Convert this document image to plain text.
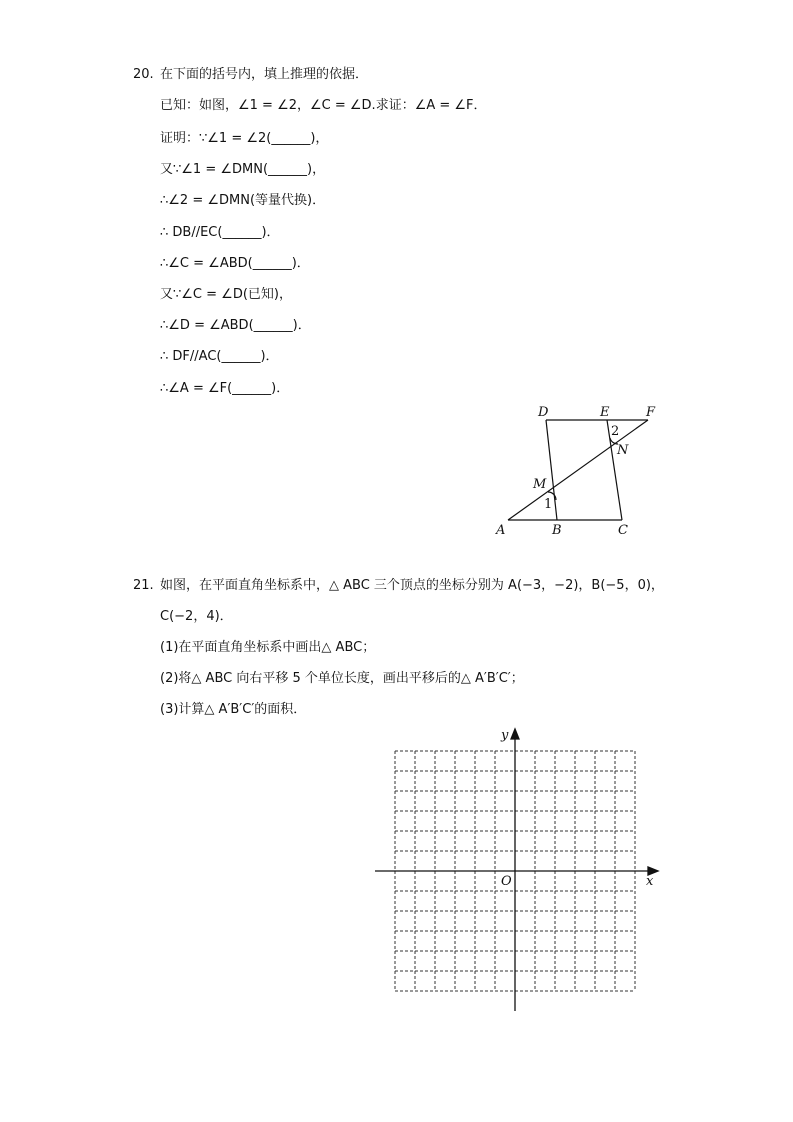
20. 在下面的括号内，填上推理的依据．
已知：如图，∠1 = ∠2，∠C = ∠D.求证：∠A = ∠F．
证明：∵∠1 = ∠2(______)，
又∵∠1 = ∠DMN(______)，
∴∠2 = ∠DMN(等量代换)．
∴ DB//EC(______)．
∴∠C = ∠ABD(______)．
又∵∠C = ∠D(已知)，
∴∠D = ∠ABD(______)．
∴ DF//AC(______)．
∴∠A = ∠F(______)．
D	E	F
2
N
M
1
A	B	C
21. 如图，在平面直角坐标系中，△ ABC 三个顶点的坐标分别为 A(−3，−2)，B(−5，0)，
C(−2，4)．
(1)在平面直角坐标系中画出△ ABC；
(2)将△ ABC 向右平移 5 个单位长度，画出平移后的△ A′B′C′；
(3)计算△ A′B′C′的面积．
x
y
O
